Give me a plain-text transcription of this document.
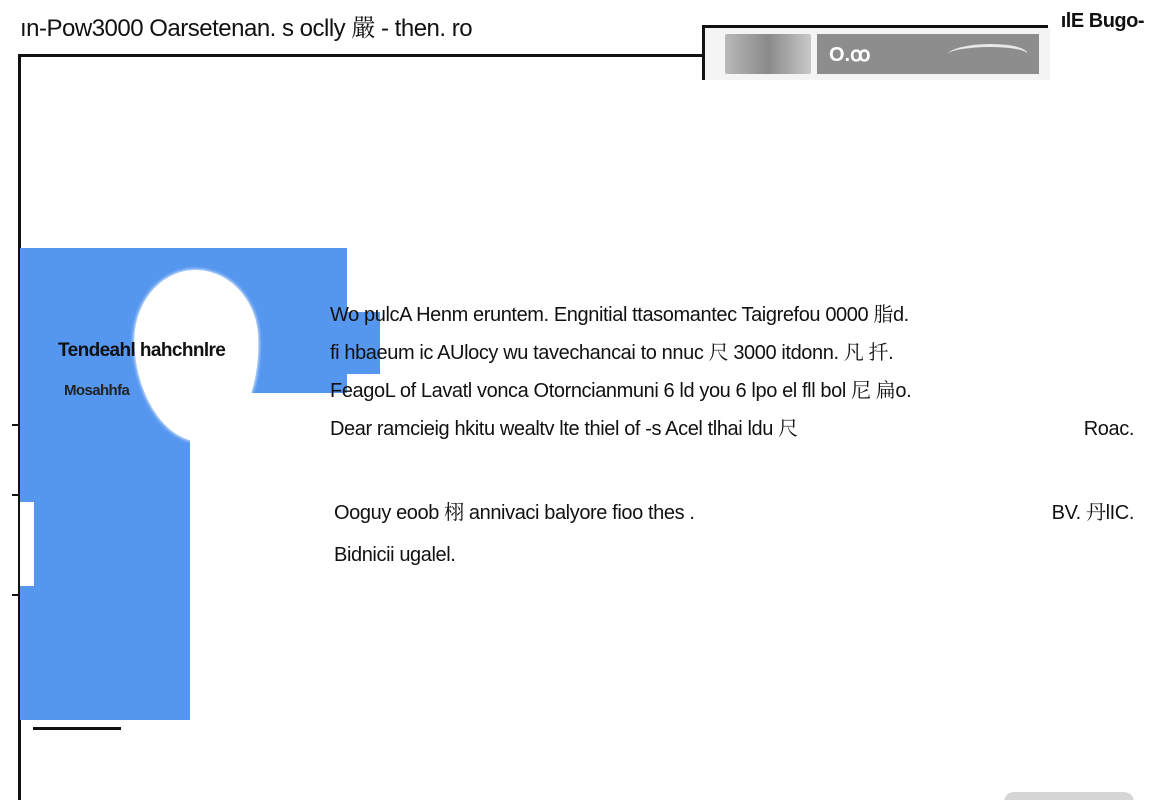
ın-Pow3000 Oarsetenan. s oclly 嚴 - then. ro	ılE Bugo-
O.ꝏ
Tendeahl hahchnlre
Mosahhfa
Wo pulcA Henm eruntem. Engnitial ttasomantec Taigrefou 0000 脂d.
fi hbaeum ic AUlocy wu tavechancai to nnuc 尺 3000 itdonn. 凡 扦.
FeagoL of Lavatl vonca Otorncianmuni 6 ld you 6 lpo el fll bol 尼 扁o.
Dear ramcieig hkitu wealtv lte thiel of -s Acel tlhai ldu 尺	Roac.
Ooguy eoob 栩 annivaci balyore fioo thes .	BV. 丹lIC.
Bidnicii ugalel.
